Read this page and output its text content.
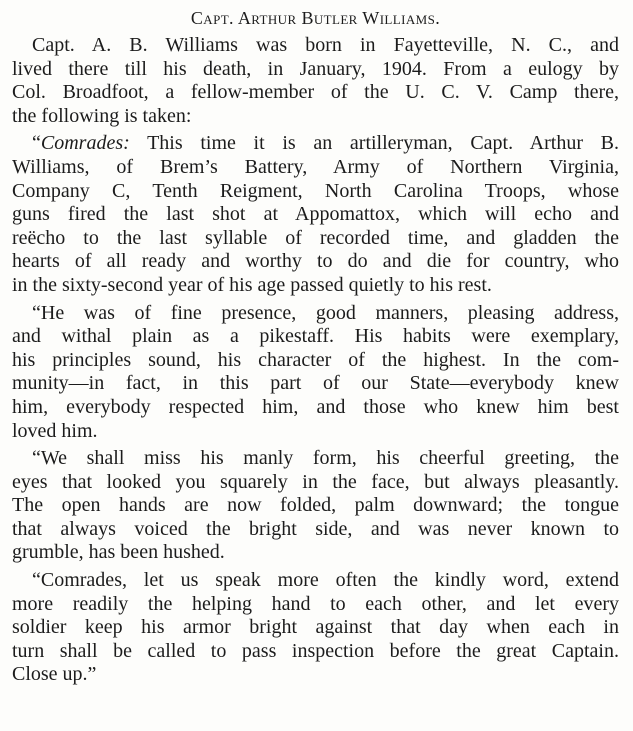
Capt. Arthur Butler Williams.
Capt. A. B. Williams was born in Fayetteville, N. C., and
lived there till his death, in January, 1904. From a eulogy by
Col. Broadfoot, a fellow-member of the U. C. V. Camp there,
the following is taken:
“Comrades: This time it is an artilleryman, Capt. Arthur B.
Williams, of Brem’s Battery, Army of Northern Virginia,
Company C, Tenth Reigment, North Carolina Troops, whose
guns fired the last shot at Appomattox, which will echo and
reëcho to the last syllable of recorded time, and gladden the
hearts of all ready and worthy to do and die for country, who
in the sixty-second year of his age passed quietly to his rest.
“He was of fine presence, good manners, pleasing address,
and withal plain as a pikestaff. His habits were exemplary,
his principles sound, his character of the highest. In the com-
munity—in fact, in this part of our State—everybody knew
him, everybody respected him, and those who knew him best
loved him.
“We shall miss his manly form, his cheerful greeting, the
eyes that looked you squarely in the face, but always pleasantly.
The open hands are now folded, palm downward; the tongue
that always voiced the bright side, and was never known to
grumble, has been hushed.
“Comrades, let us speak more often the kindly word, extend
more readily the helping hand to each other, and let every
soldier keep his armor bright against that day when each in
turn shall be called to pass inspection before the great Captain.
Close up.”
